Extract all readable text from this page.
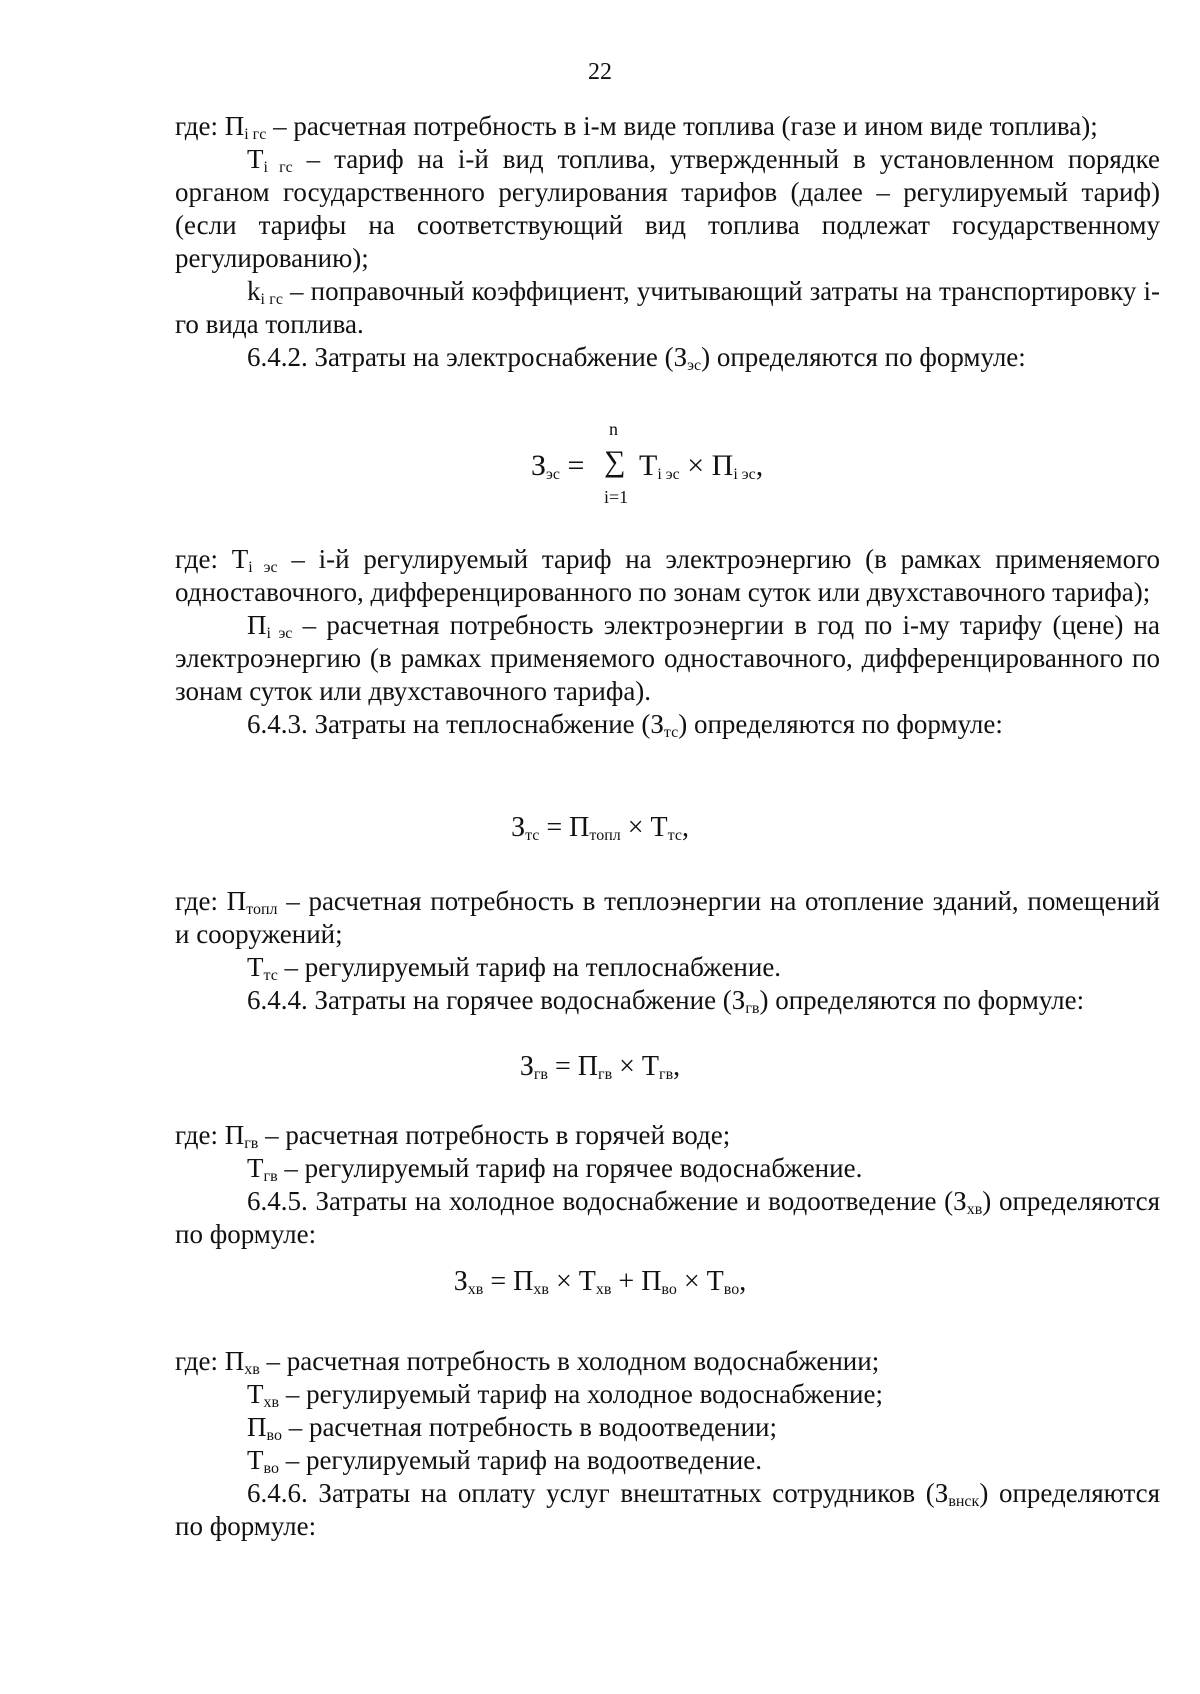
22

где: Пi гс – расчетная потребность в i-м виде топлива (газе и ином виде топлива);

Тi гс – тариф на i-й вид топлива, утвержденный в установленном порядке органом государственного регулирования тарифов (далее – регулируемый тариф) (если тарифы на соответствующий вид топлива подлежат государственному регулированию);

ki гс – поправочный коэффициент, учитывающий затраты на транспортировку i-го вида топлива.

6.4.2. Затраты на электроснабжение (Зэс) определяются по формуле:

Зэс =
n
∑
i=1
Тi эс × Пi эс,

где: Тi эс – i-й регулируемый тариф на электроэнергию (в рамках применяемого одноставочного, дифференцированного по зонам суток или двухставочного тарифа);

Пi эс – расчетная потребность электроэнергии в год по i-му тарифу (цене) на электроэнергию (в рамках применяемого одноставочного, дифференцированного по зонам суток или двухставочного тарифа).

6.4.3. Затраты на теплоснабжение (Зтс) определяются по формуле:

Зтс = Птопл × Ттс,

где: Птопл – расчетная потребность в теплоэнергии на отопление зданий, помещений и сооружений;

Ттс – регулируемый тариф на теплоснабжение.

6.4.4. Затраты на горячее водоснабжение (Згв) определяются по формуле:

Згв = Пгв × Тгв,

где: Пгв – расчетная потребность в горячей воде;

Тгв – регулируемый тариф на горячее водоснабжение.

6.4.5. Затраты на холодное водоснабжение и водоотведение (Зхв) определяются по формуле:

Зхв = Пхв × Тхв + Пво × Тво,

где: Пхв – расчетная потребность в холодном водоснабжении;

Тхв – регулируемый тариф на холодное водоснабжение;

Пво – расчетная потребность в водоотведении;

Тво – регулируемый тариф на водоотведение.

6.4.6. Затраты на оплату услуг внештатных сотрудников (Звнск) определяются по формуле:
